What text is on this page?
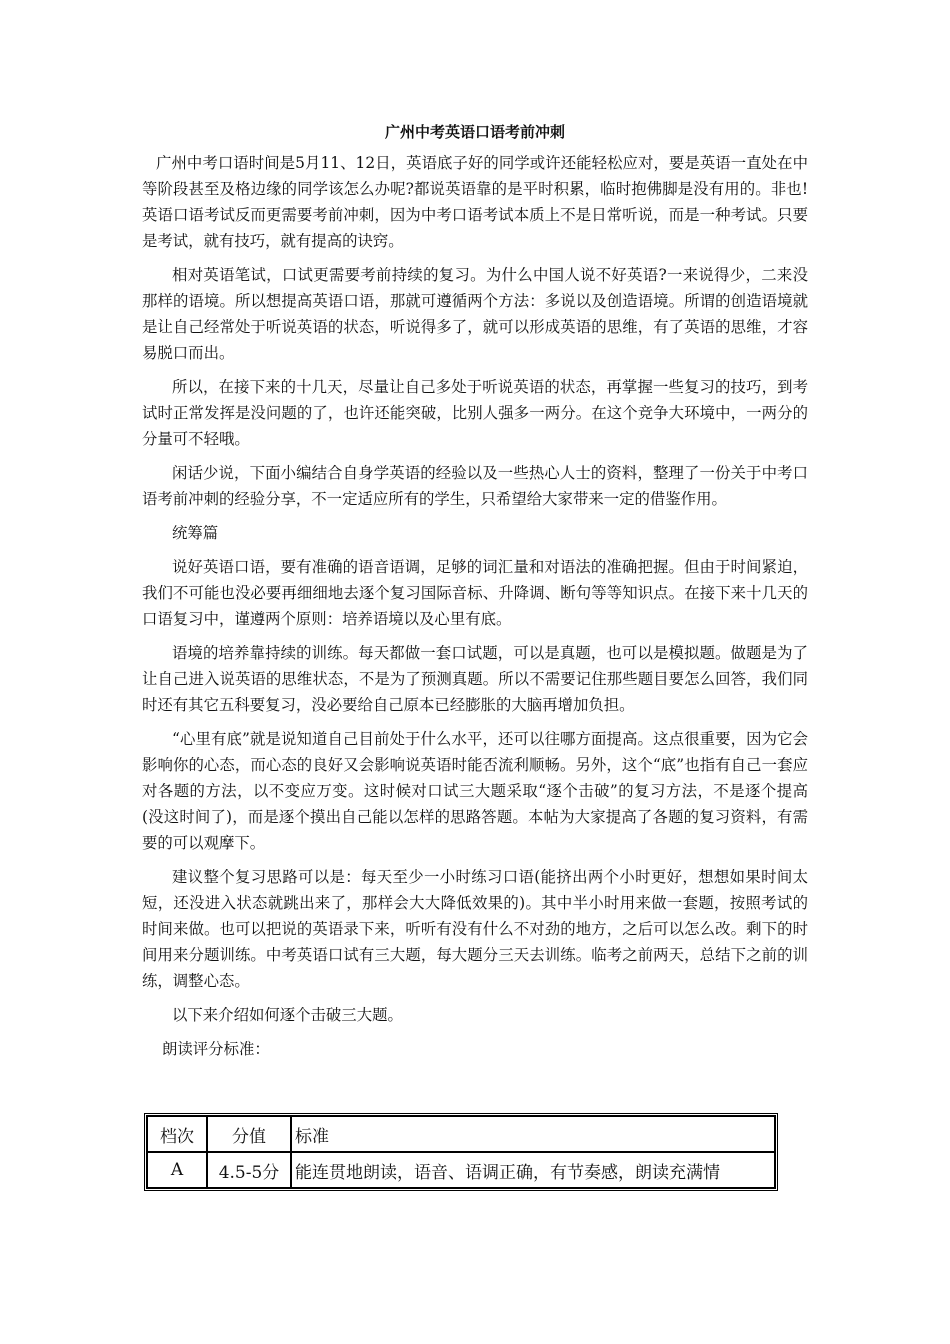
广州中考英语口语考前冲刺

广州中考口语时间是5月11、12日，英语底子好的同学或许还能轻松应对，要是英语一直处在中等阶段甚至及格边缘的同学该怎么办呢?都说英语靠的是平时积累，临时抱佛脚是没有用的。非也!英语口语考试反而更需要考前冲刺，因为中考口语考试本质上不是日常听说，而是一种考试。只要是考试，就有技巧，就有提高的诀窍。

相对英语笔试，口试更需要考前持续的复习。为什么中国人说不好英语?一来说得少，二来没那样的语境。所以想提高英语口语，那就可遵循两个方法：多说以及创造语境。所谓的创造语境就是让自己经常处于听说英语的状态，听说得多了，就可以形成英语的思维，有了英语的思维，才容易脱口而出。

所以，在接下来的十几天，尽量让自己多处于听说英语的状态，再掌握一些复习的技巧，到考试时正常发挥是没问题的了，也许还能突破，比别人强多一两分。在这个竞争大环境中，一两分的分量可不轻哦。

闲话少说，下面小编结合自身学英语的经验以及一些热心人士的资料，整理了一份关于中考口语考前冲刺的经验分享，不一定适应所有的学生，只希望给大家带来一定的借鉴作用。

统筹篇

说好英语口语，要有准确的语音语调，足够的词汇量和对语法的准确把握。但由于时间紧迫，我们不可能也没必要再细细地去逐个复习国际音标、升降调、断句等等知识点。在接下来十几天的口语复习中，谨遵两个原则：培养语境以及心里有底。

语境的培养靠持续的训练。每天都做一套口试题，可以是真题，也可以是模拟题。做题是为了让自己进入说英语的思维状态，不是为了预测真题。所以不需要记住那些题目要怎么回答，我们同时还有其它五科要复习，没必要给自己原本已经膨胀的大脑再增加负担。

“心里有底”就是说知道自己目前处于什么水平，还可以往哪方面提高。这点很重要，因为它会影响你的心态，而心态的良好又会影响说英语时能否流利顺畅。另外，这个“底”也指有自己一套应对各题的方法，以不变应万变。这时候对口试三大题采取“逐个击破”的复习方法，不是逐个提高(没这时间了)，而是逐个摸出自己能以怎样的思路答题。本帖为大家提高了各题的复习资料，有需要的可以观摩下。

建议整个复习思路可以是：每天至少一小时练习口语(能挤出两个小时更好，想想如果时间太短，还没进入状态就跳出来了，那样会大大降低效果的)。其中半小时用来做一套题，按照考试的时间来做。也可以把说的英语录下来，听听有没有什么不对劲的地方，之后可以怎么改。剩下的时间用来分题训练。中考英语口试有三大题，每大题分三天去训练。临考之前两天，总结下之前的训练，调整心态。

以下来介绍如何逐个击破三大题。

朗读评分标准：
档次	分值	标准
A	4.5-5分	能连贯地朗读，语音、语调正确，有节奏感，朗读充满情
